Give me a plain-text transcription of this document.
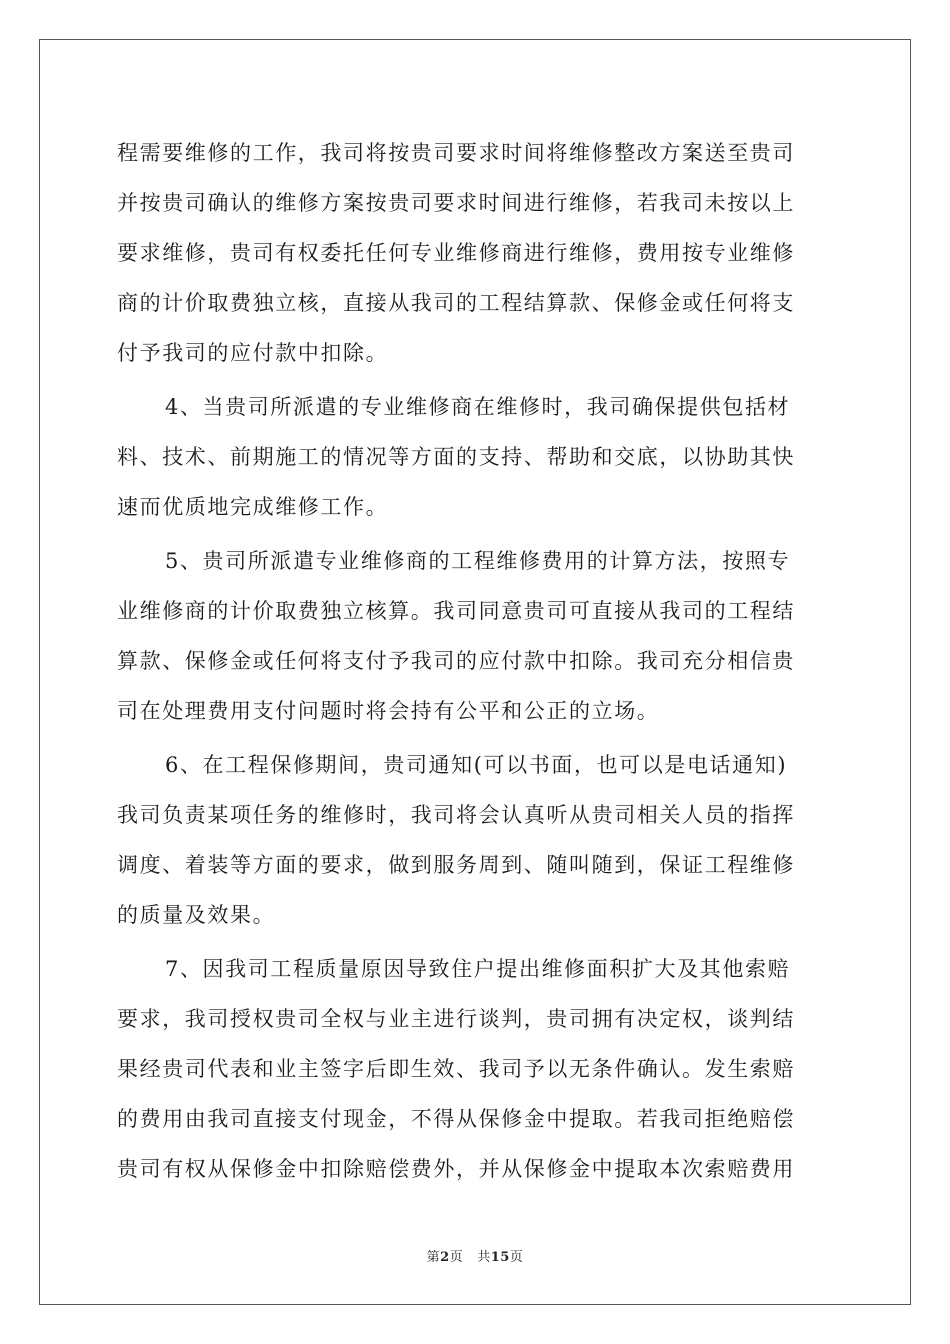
程需要维修的工作，我司将按贵司要求时间将维修整改方案送至贵司
并按贵司确认的维修方案按贵司要求时间进行维修，若我司未按以上
要求维修，贵司有权委托任何专业维修商进行维修，费用按专业维修
商的计价取费独立核，直接从我司的工程结算款、保修金或任何将支
付予我司的应付款中扣除。

4、当贵司所派遣的专业维修商在维修时，我司确保提供包括材
料、技术、前期施工的情况等方面的支持、帮助和交底，以协助其快
速而优质地完成维修工作。

5、贵司所派遣专业维修商的工程维修费用的计算方法，按照专
业维修商的计价取费独立核算。我司同意贵司可直接从我司的工程结
算款、保修金或任何将支付予我司的应付款中扣除。我司充分相信贵
司在处理费用支付问题时将会持有公平和公正的立场。

6、在工程保修期间，贵司通知(可以书面，也可以是电话通知)
我司负责某项任务的维修时，我司将会认真听从贵司相关人员的指挥
调度、着装等方面的要求，做到服务周到、随叫随到，保证工程维修
的质量及效果。

7、因我司工程质量原因导致住户提出维修面积扩大及其他索赔
要求，我司授权贵司全权与业主进行谈判，贵司拥有决定权，谈判结
果经贵司代表和业主签字后即生效、我司予以无条件确认。发生索赔
的费用由我司直接支付现金，不得从保修金中提取。若我司拒绝赔偿
贵司有权从保修金中扣除赔偿费外，并从保修金中提取本次索赔费用

第2页 共15页
